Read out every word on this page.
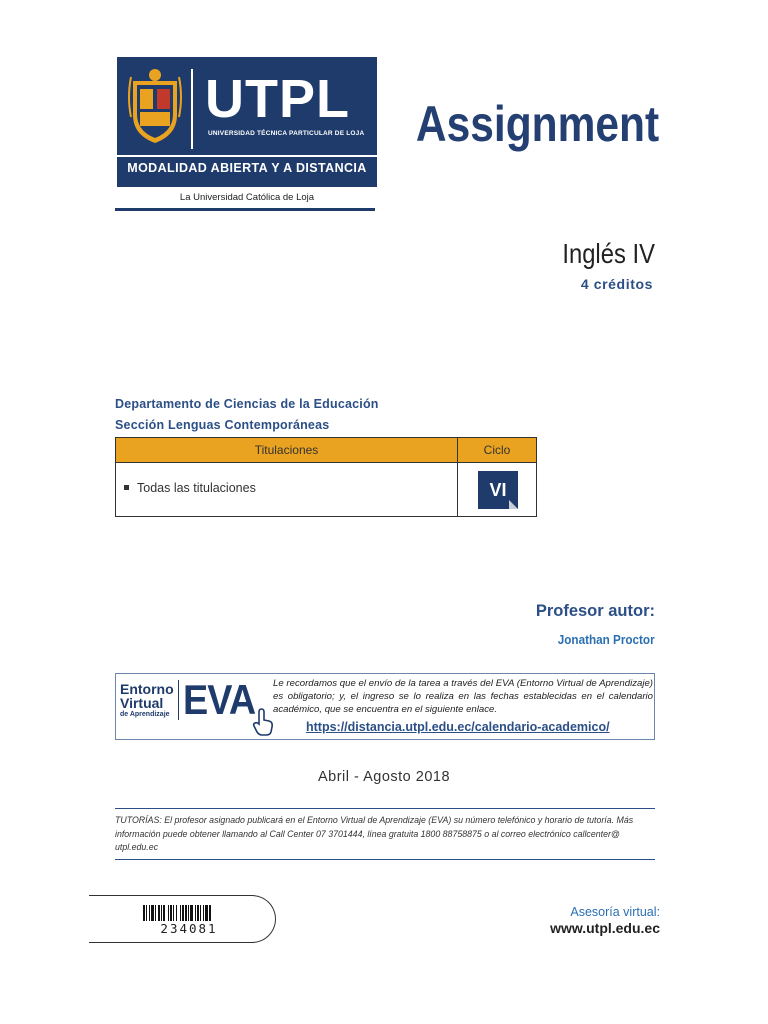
UTPL
UNIVERSIDAD TÉCNICA PARTICULAR DE LOJA
MODALIDAD ABIERTA Y A DISTANCIA
La Universidad Católica de Loja
Assignment
Inglés IV
4 créditos
Departamento de Ciencias de la Educación
Sección Lenguas Contemporáneas
Titulaciones	Ciclo
Todas las titulaciones	VI
Profesor autor:
Jonathan Proctor
Entorno
Virtual
de Aprendizaje EVA Le recordamos que el envío de la tarea a través del EVA (Entorno Virtual de Aprendizaje) es obligatorio; y, el ingreso se lo realiza en las fechas establecidas en el calendario académico, que se encuentra en el siguiente enlace.
https://distancia.utpl.edu.ec/calendario-academico/
Abril - Agosto 2018
TUTORÍAS: El profesor asignado publicará en el Entorno Virtual de Aprendizaje (EVA) su número telefónico y horario de tutoría. Más información puede obtener llamando al Call Center 07 3701444, línea gratuita 1800 88758875 o al correo electrónico callcenter@ utpl.edu.ec
234081
Asesoría virtual:
www.utpl.edu.ec
